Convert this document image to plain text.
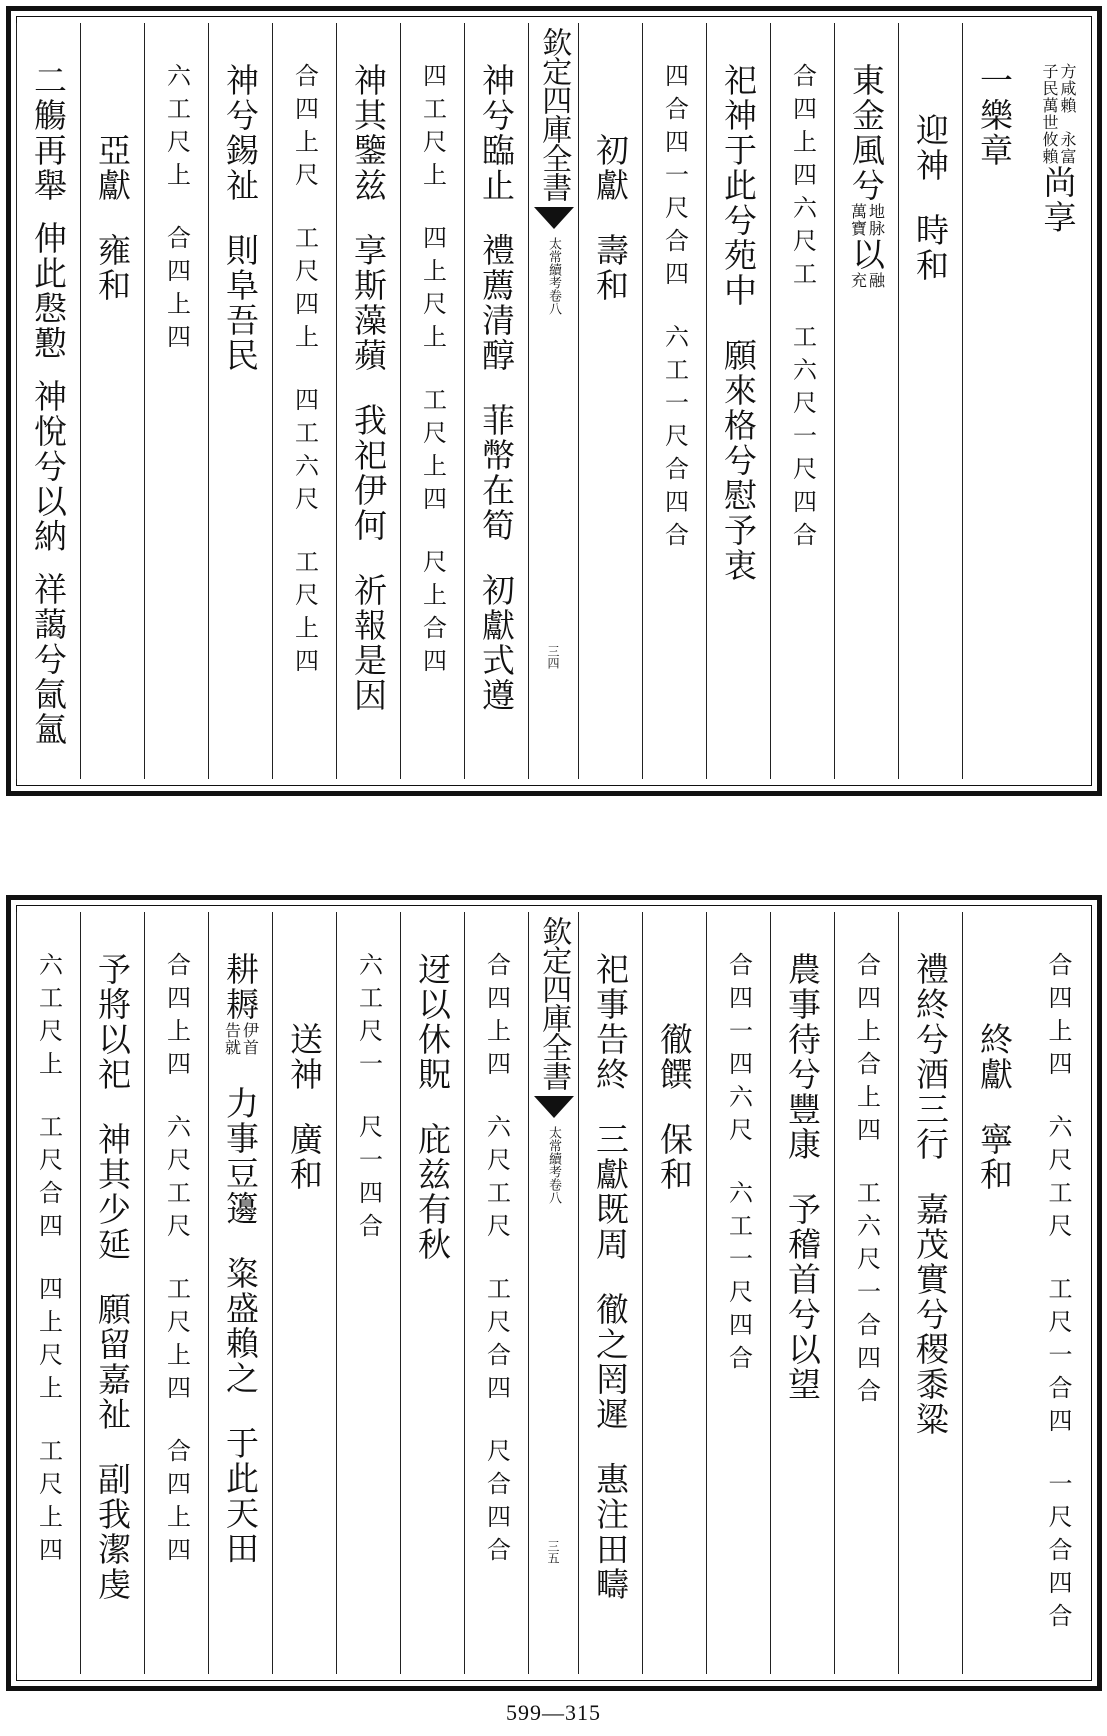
方咸賴
子民萬世
永富
攸賴
尚享
一樂章
迎神
時和
東金
風兮
地脉
萬寶
以
融
充
合四上四六尺工
工六尺一尺四合
祀神于此兮苑中
願來格兮慰予衷
四合四一尺合四
六工一尺合四合
初獻
壽和
欽定四庫全書
太常續考
卷八
三四
神兮臨止
禮薦清醇
菲幣在筍
初獻式遵
四工尺上
四上尺上
工尺上四
尺上合四
神其鑒兹
享斯藻蘋
我祀伊何
祈報是因
合四上尺
工尺四上
四工六尺
工尺上四
神兮錫祉
則阜吾民
六工尺上
合四上四
亞獻
雍和
二觴再舉
伸此慇懃
神悅兮以納
祥藹兮氤氳
合四上四
六尺工尺
工尺一合四
一尺合四合
終獻
寧和
禮終兮酒三行
嘉茂實兮稷黍粱
合四上合上四
工六尺一合四合
農事待兮豐康
予稽首兮以望
合四一四六尺
六工一尺四合
徹饌
保和
祀事告終
三獻既周
徹之罔遲
惠注田疇
欽定四庫全書
太常續考
卷八
三五
合四上四
六尺工尺
工尺合四
尺合四合
迓以休貺
庇兹有秋
六工尺一
尺一四合
送神
廣和
耕耨
伊首
告就
力事豆籩
粢盛賴之
于此天田
合四上四
六尺工尺
工尺上四
合四上四
予將以祀
神其少延
願留嘉祉
副我潔虔
六工尺上
工尺合四
四上尺上
工尺上四
599—315
